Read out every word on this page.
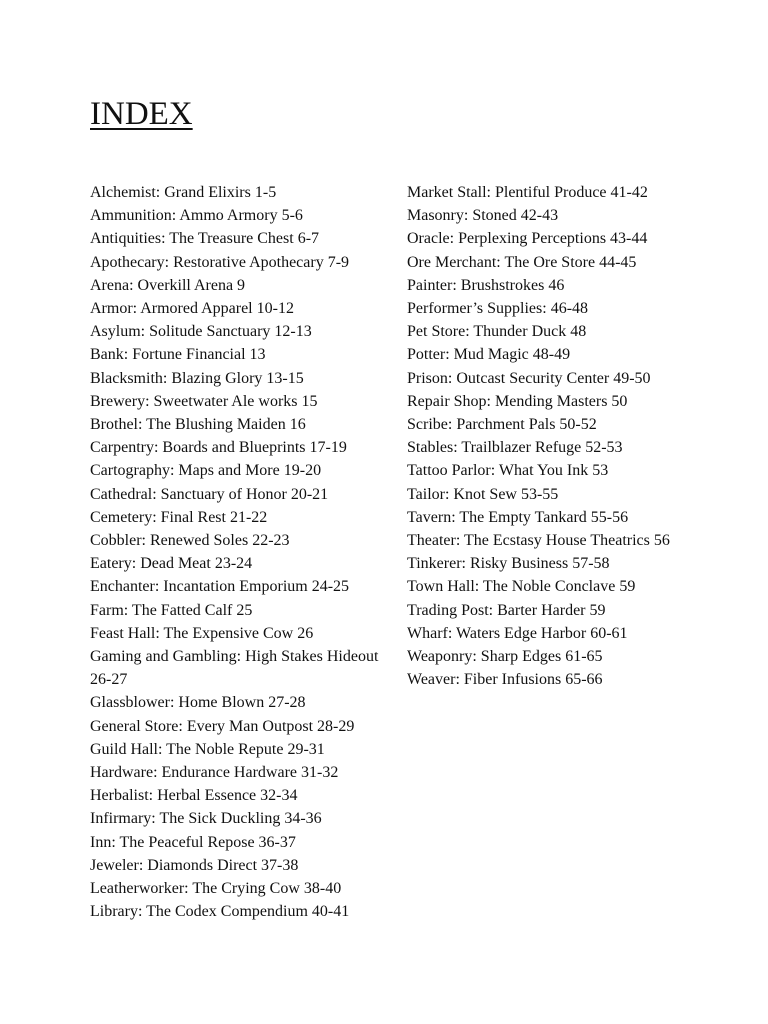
INDEX
Alchemist: Grand Elixirs 1-5
Ammunition: Ammo Armory 5-6
Antiquities: The Treasure Chest 6-7
Apothecary: Restorative Apothecary 7-9
Arena: Overkill Arena 9
Armor: Armored Apparel 10-12
Asylum: Solitude Sanctuary 12-13
Bank: Fortune Financial 13
Blacksmith: Blazing Glory 13-15
Brewery: Sweetwater Ale works 15
Brothel: The Blushing Maiden 16
Carpentry: Boards and Blueprints 17-19
Cartography: Maps and More 19-20
Cathedral: Sanctuary of Honor 20-21
Cemetery: Final Rest 21-22
Cobbler: Renewed Soles 22-23
Eatery: Dead Meat 23-24
Enchanter: Incantation Emporium 24-25
Farm: The Fatted Calf 25
Feast Hall: The Expensive Cow 26
Gaming and Gambling: High Stakes Hideout 26-27
Glassblower: Home Blown 27-28
General Store: Every Man Outpost 28-29
Guild Hall: The Noble Repute 29-31
Hardware: Endurance Hardware 31-32
Herbalist: Herbal Essence 32-34
Infirmary: The Sick Duckling 34-36
Inn: The Peaceful Repose 36-37
Jeweler: Diamonds Direct 37-38
Leatherworker: The Crying Cow 38-40
Library: The Codex Compendium 40-41
Market Stall: Plentiful Produce 41-42
Masonry: Stoned 42-43
Oracle: Perplexing Perceptions 43-44
Ore Merchant: The Ore Store 44-45
Painter: Brushstrokes 46
Performer’s Supplies: 46-48
Pet Store: Thunder Duck 48
Potter: Mud Magic 48-49
Prison: Outcast Security Center 49-50
Repair Shop: Mending Masters 50
Scribe: Parchment Pals 50-52
Stables: Trailblazer Refuge 52-53
Tattoo Parlor: What You Ink 53
Tailor: Knot Sew 53-55
Tavern: The Empty Tankard 55-56
Theater: The Ecstasy House Theatrics 56
Tinkerer: Risky Business 57-58
Town Hall: The Noble Conclave 59
Trading Post: Barter Harder 59
Wharf: Waters Edge Harbor 60-61
Weaponry: Sharp Edges 61-65
Weaver: Fiber Infusions 65-66
